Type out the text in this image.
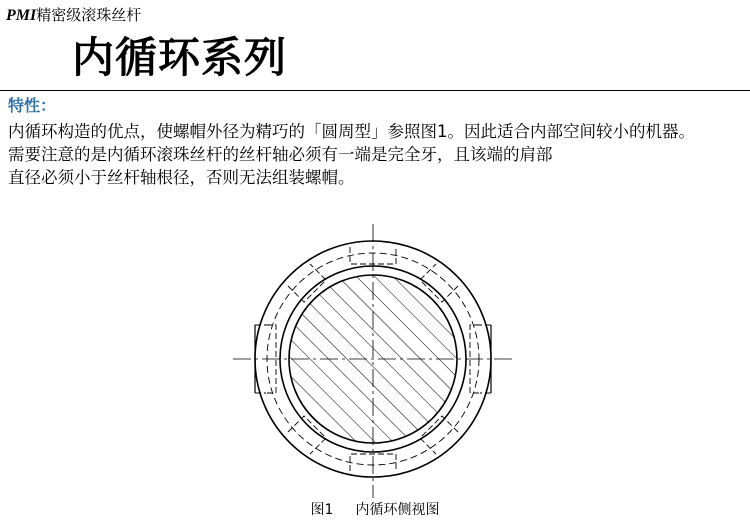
PMI精密级滚珠丝杆
内循环系列
特性：

内循环构造的优点，使螺帽外径为精巧的「圆周型」参照图1。因此适合内部空间较小的机器。

需要注意的是内循环滚珠丝杆的丝杆轴必须有一端是完全牙，且该端的肩部

直径必须小于丝杆轴根径，否则无法组装螺帽。

图1 内循环侧视图
